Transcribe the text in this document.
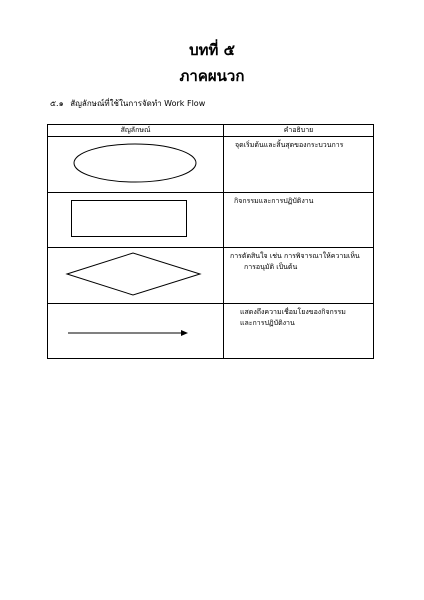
บทที่ ๕
ภาคผนวก
๕.๑ สัญลักษณ์ที่ใช้ในการจัดทำ Work Flow
สัญลักษณ์	คำอธิบาย

จุดเริ่มต้นและสิ้นสุดของกระบวนการ

กิจกรรมและการปฏิบัติงาน

การตัดสินใจ เช่น การพิจารณาให้ความเห็น
การอนุมัติ เป็นต้น

แสดงถึงความเชื่อมโยงของกิจกรรม
และการปฏิบัติงาน
